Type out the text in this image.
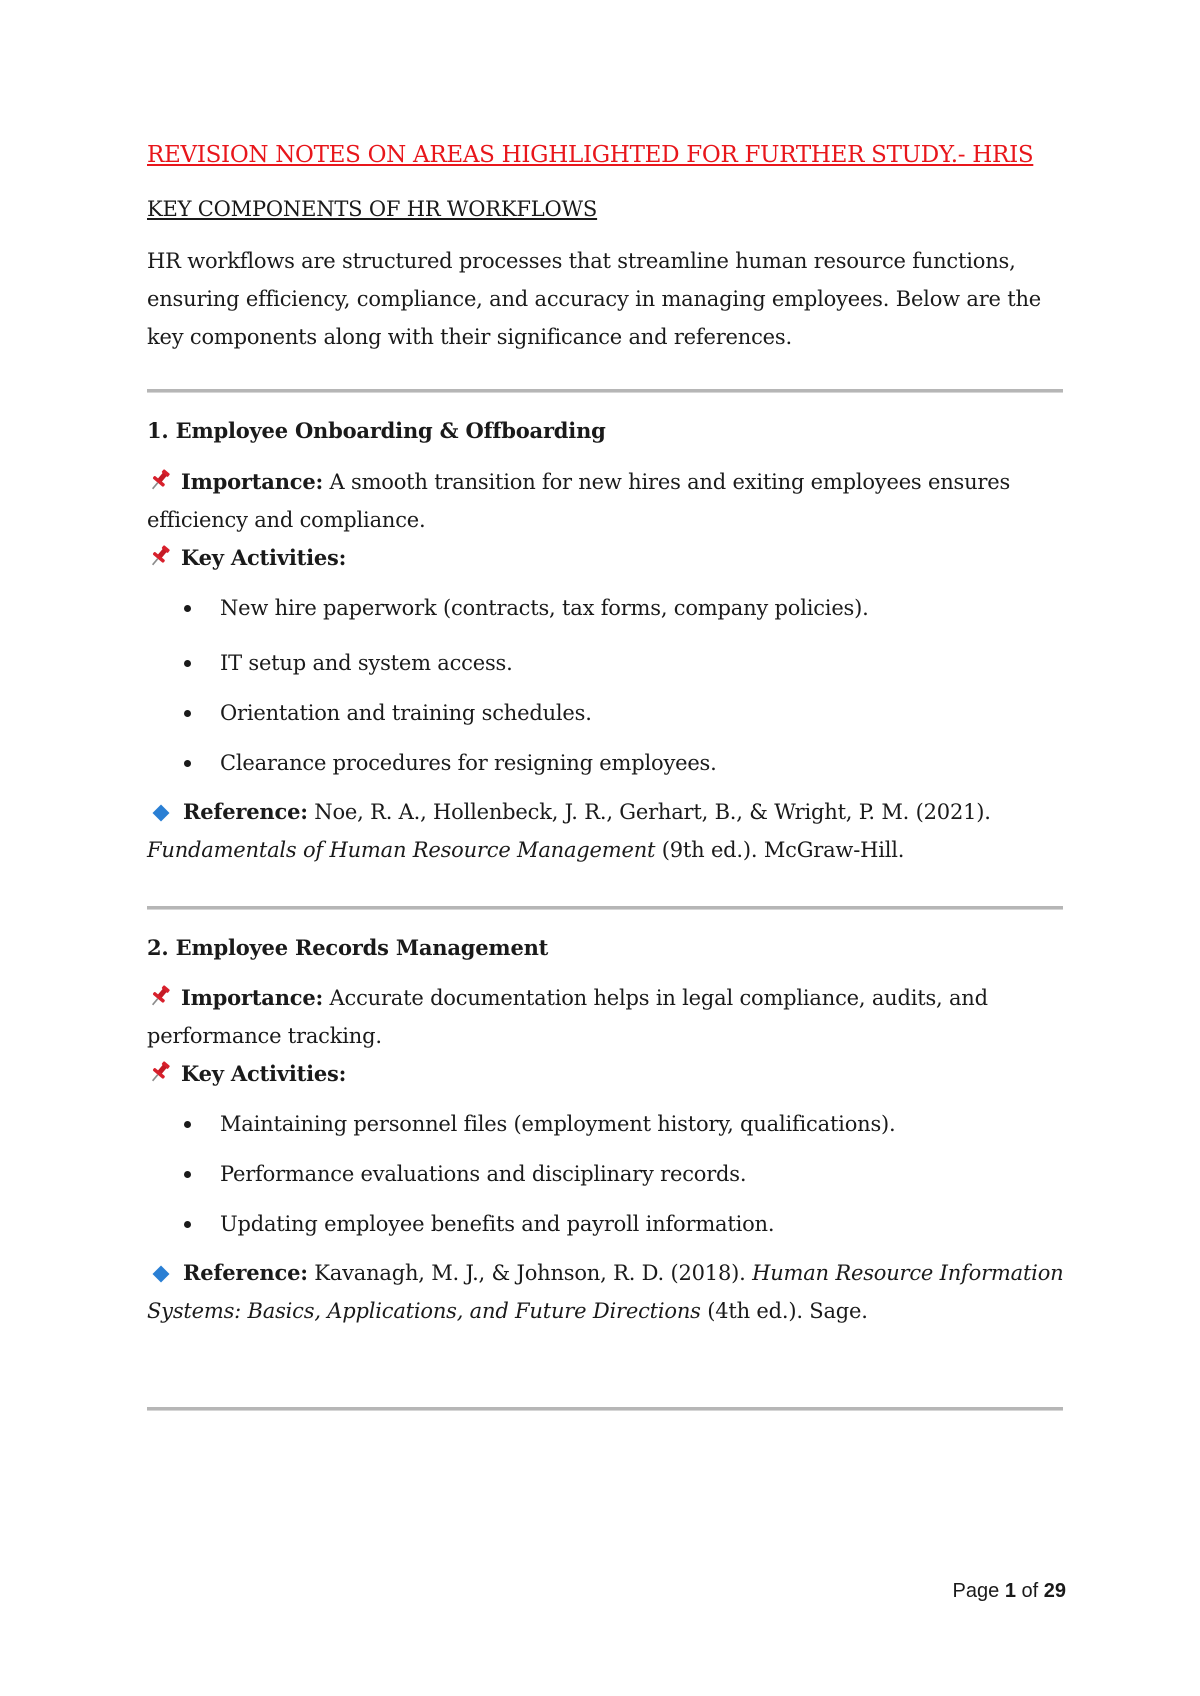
REVISION NOTES ON AREAS HIGHLIGHTED FOR FURTHER STUDY.- HRIS

KEY COMPONENTS OF HR WORKFLOWS

HR workflows are structured processes that streamline human resource functions, ensuring efficiency, compliance, and accuracy in managing employees. Below are the key components along with their significance and references.

1. Employee Onboarding & Offboarding

Importance: A smooth transition for new hires and exiting employees ensures efficiency and compliance.

Key Activities:

New hire paperwork (contracts, tax forms, company policies).
IT setup and system access.
Orientation and training schedules.
Clearance procedures for resigning employees.

Reference: Noe, R. A., Hollenbeck, J. R., Gerhart, B., & Wright, P. M. (2021). Fundamentals of Human Resource Management (9th ed.). McGraw-Hill.

2. Employee Records Management

Importance: Accurate documentation helps in legal compliance, audits, and performance tracking.

Key Activities:

Maintaining personnel files (employment history, qualifications).
Performance evaluations and disciplinary records.
Updating employee benefits and payroll information.

Reference: Kavanagh, M. J., & Johnson, R. D. (2018). Human Resource Information Systems: Basics, Applications, and Future Directions (4th ed.). Sage.

Page 1 of 29
